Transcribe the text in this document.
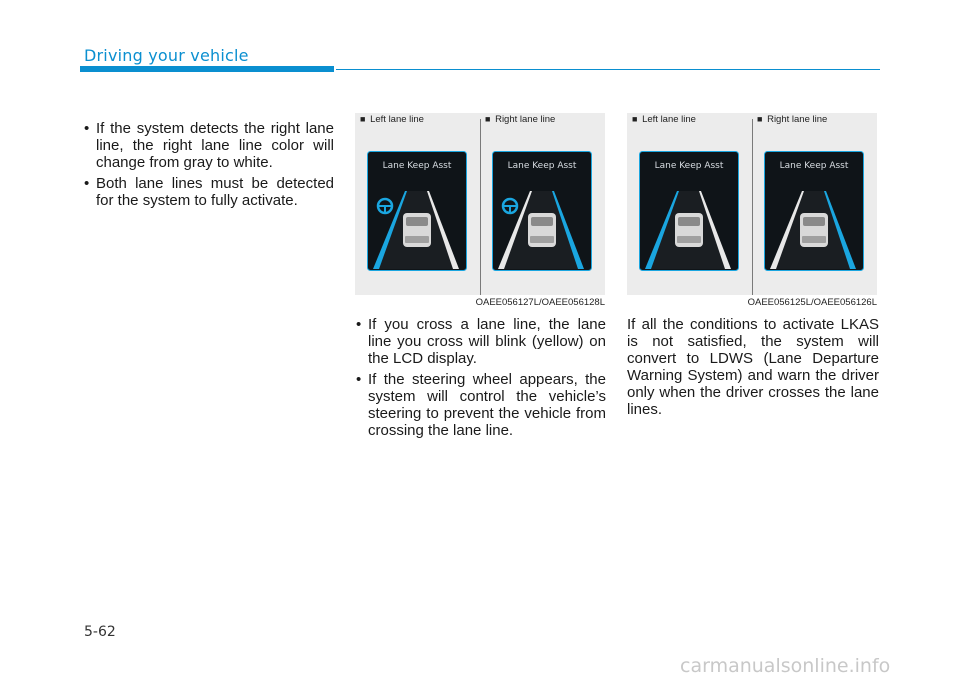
Driving your vehicle
• If the system detects the right lane line, the right lane line color will change from gray to white.
• Both lane lines must be detected for the system to fully activate.
■ Left lane line	■ Right lane line
Lane Keep Asst	Lane Keep Asst
OAEE056127L/OAEE056128L
■ Left lane line	■ Right lane line
Lane Keep Asst	Lane Keep Asst
OAEE056125L/OAEE056126L
• If you cross a lane line, the lane line you cross will blink (yellow) on the LCD display.
• If the steering wheel appears, the system will control the vehicle’s steering to prevent the vehicle from crossing the lane line.
If all the conditions to activate LKAS is not satisfied, the system will convert to LDWS (Lane Departure Warning System) and warn the driver only when the driver crosses the lane lines.
5-62
carmanualsonline.info
